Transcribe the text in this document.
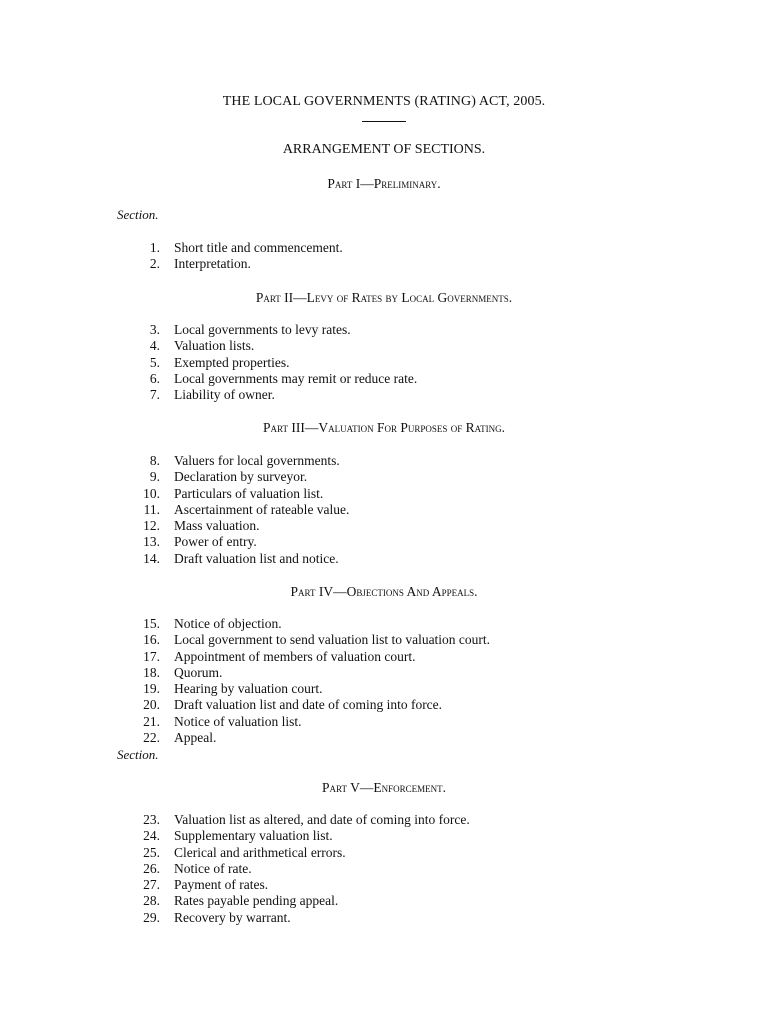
THE LOCAL GOVERNMENTS (RATING) ACT, 2005.
ARRANGEMENT OF SECTIONS.
Part I—Preliminary.
Section.
1. Short title and commencement.
2. Interpretation.
Part II—Levy of Rates by Local Governments.
3. Local governments to levy rates.
4. Valuation lists.
5. Exempted properties.
6. Local governments may remit or reduce rate.
7. Liability of owner.
Part III—Valuation For Purposes of Rating.
8. Valuers for local governments.
9. Declaration by surveyor.
10. Particulars of valuation list.
11. Ascertainment of rateable value.
12. Mass valuation.
13. Power of entry.
14. Draft valuation list and notice.
Part IV—Objections And Appeals.
15. Notice of objection.
16. Local government to send valuation list to valuation court.
17. Appointment of members of valuation court.
18. Quorum.
19. Hearing by valuation court.
20. Draft valuation list and date of coming into force.
21. Notice of valuation list.
22. Appeal.
Section.
Part V—Enforcement.
23. Valuation list as altered, and date of coming into force.
24. Supplementary valuation list.
25. Clerical and arithmetical errors.
26. Notice of rate.
27. Payment of rates.
28. Rates payable pending appeal.
29. Recovery by warrant.
